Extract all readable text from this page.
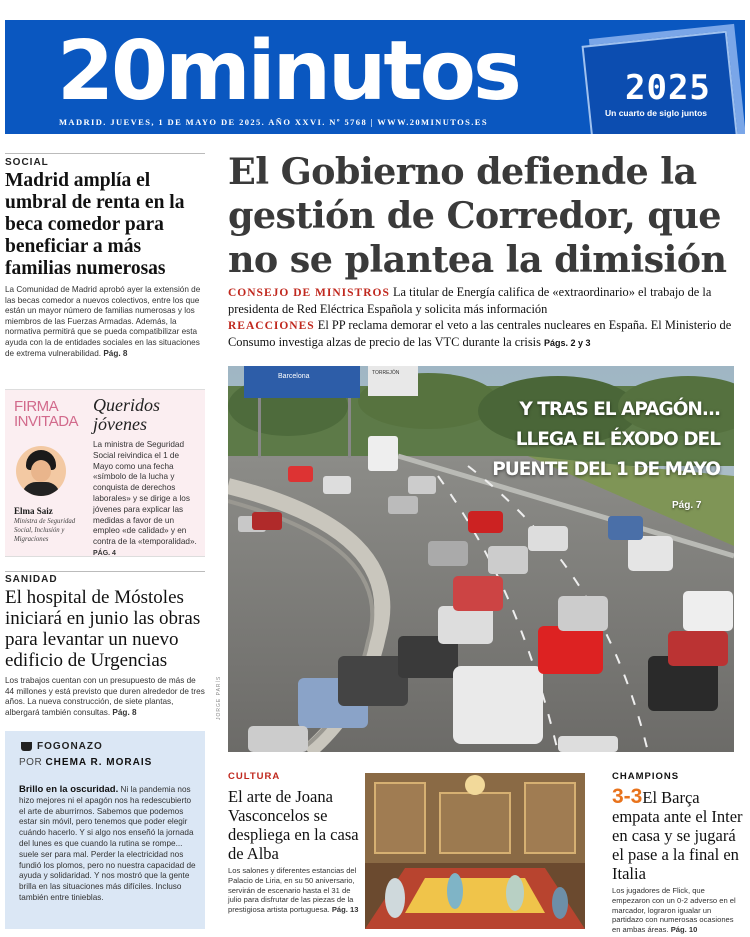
20minutos
MADRID. JUEVES, 1 DE MAYO DE 2025. AÑO XXVI. Nº 5768 | WWW.20MINUTOS.ES
2025
Un cuarto de siglo juntos
SOCIAL
Madrid amplía el umbral de renta en la beca comedor para beneficiar a más familias numerosas

La Comunidad de Madrid aprobó ayer la extensión de las becas comedor a nuevos colectivos, entre los que están un mayor número de familias numerosas y los miembros de las Fuerzas Armadas. Además, la normativa permitirá que se pueda compatibilizar esta ayuda con la de entidades sociales en las situaciones de extrema vulnerabilidad. Pág. 8

FIRMA INVITADA
Queridos jóvenes
Elma Saiz
Ministra de Seguridad Social, Inclusión y Migraciones
La ministra de Seguridad Social reivindica el 1 de Mayo como una fecha «símbolo de la lucha y conquista de derechos laborales» y se dirige a los jóvenes para explicar las medidas a favor de un empleo «de calidad» y en contra de la «temporalidad». PÁG. 4
SANIDAD
El hospital de Móstoles iniciará en junio las obras para levantar un nuevo edificio de Urgencias

Los trabajos cuentan con un presupuesto de más de 44 millones y está previsto que duren alrededor de tres años. La nueva construcción, de siete plantas, albergará también consultas. Pág. 8

FOGONAZO
POR CHEMA R. MORAIS
Brillo en la oscuridad. Ni la pandemia nos hizo mejores ni el apagón nos ha redescubierto el arte de aburrirnos. Sabemos que podemos estar sin móvil, pero tenemos que poder elegir cuándo hacerlo. Y si algo nos enseñó la jornada del lunes es que cuando la rutina se rompe... suele ser para mal. Perder la electricidad nos fundió los plomos, pero no nuestra capacidad de ayuda y solidaridad. Y nos mostró que la gente brilla en las situaciones más difíciles. Incluso también entre tinieblas.
El Gobierno defiende la gestión de Corredor, que no se plantea la dimisión
CONSEJO DE MINISTROS La titular de Energía califica de «extraordinario» el trabajo de la presidenta de Red Eléctrica Española y solicita más información
REACCIONES El PP reclama demorar el veto a las centrales nucleares en España. El Ministerio de Consumo investiga alzas de precio de las VTC durante la crisis Págs. 2 y 3
Barcelona	TORREJÓN
Y TRAS EL APAGÓN... LLEGA EL ÉXODO DEL PUENTE DEL 1 DE MAYO
Pág. 7
JORGE PARÍS
CULTURA
El arte de Joana Vasconcelos se despliega en la casa de Alba

Los salones y diferentes estancias del Palacio de Liria, en su 50 aniversario, servirán de escenario hasta el 31 de julio para disfrutar de las piezas de la prestigiosa artista portuguesa. Pág. 13

CHAMPIONS
3-3El Barça empata ante el Inter en casa y se jugará el pase a la final en Italia

Los jugadores de Flick, que empezaron con un 0-2 adverso en el marcador, lograron igualar un partidazo con numerosas ocasiones en ambas áreas. Pág. 10
